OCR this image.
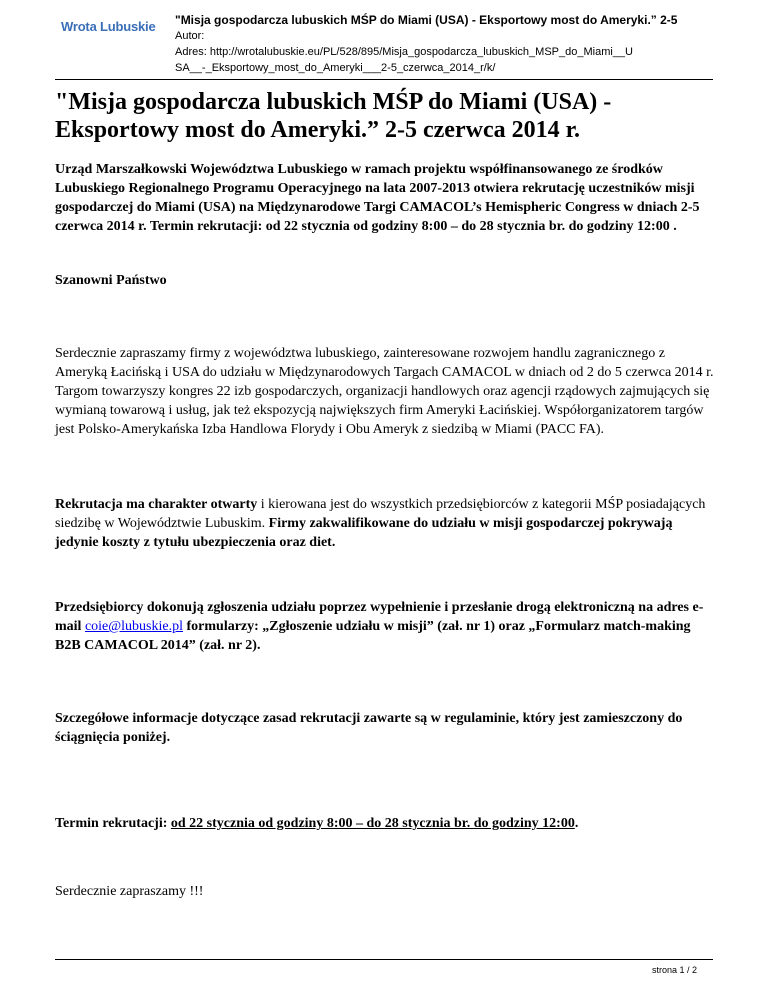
Wrota Lubuskie "Misja gospodarcza lubuskich MŚP do Miami (USA) - Eksportowy most do Ameryki.” 2-5
Autor:
Adres: http://wrotalubuskie.eu/PL/528/895/Misja_gospodarcza_lubuskich_MSP_do_Miami__U
SA__-_Eksportowy_most_do_Ameryki___2-5_czerwca_2014_r/k/
"Misja gospodarcza lubuskich MŚP do Miami (USA) -
Eksportowy most do Ameryki.” 2-5 czerwca 2014 r.

Urząd Marszałkowski Województwa Lubuskiego w ramach projektu współfinansowanego ze środków Lubuskiego Regionalnego Programu Operacyjnego na lata 2007-2013 otwiera rekrutację uczestników misji gospodarczej do Miami (USA) na Międzynarodowe Targi CAMACOL’s Hemispheric Congress w dniach 2-5 czerwca 2014 r. Termin rekrutacji: od 22 stycznia od godziny 8:00 – do 28 stycznia br. do godziny 12:00 .

Szanowni Państwo

Serdecznie zapraszamy firmy z województwa lubuskiego, zainteresowane rozwojem handlu zagranicznego z Ameryką Łacińską i USA do udziału w Międzynarodowych Targach CAMACOL w dniach od 2 do 5 czerwca 2014 r. Targom towarzyszy kongres 22 izb gospodarczych, organizacji handlowych oraz agencji rządowych zajmujących się wymianą towarową i usług, jak też ekspozycją największych firm Ameryki Łacińskiej. Współorganizatorem targów jest Polsko-Amerykańska Izba Handlowa Florydy i Obu Ameryk z siedzibą w Miami (PACC FA).

Rekrutacja ma charakter otwarty i kierowana jest do wszystkich przedsiębiorców z kategorii MŚP posiadających siedzibę w Województwie Lubuskim. Firmy zakwalifikowane do udziału w misji gospodarczej pokrywają jedynie koszty z tytułu ubezpieczenia oraz diet.

Przedsiębiorcy dokonują zgłoszenia udziału poprzez wypełnienie i przesłanie drogą elektroniczną na adres e-mail coie@lubuskie.pl formularzy: „Zgłoszenie udziału w misji” (zał. nr 1) oraz „Formularz match-making B2B CAMACOL 2014” (zał. nr 2).

Szczegółowe informacje dotyczące zasad rekrutacji zawarte są w regulaminie, który jest zamieszczony do ściągnięcia poniżej.

Termin rekrutacji: od 22 stycznia od godziny 8:00 – do 28 stycznia br. do godziny 12:00.

Serdecznie zapraszamy !!!

strona 1 / 2
